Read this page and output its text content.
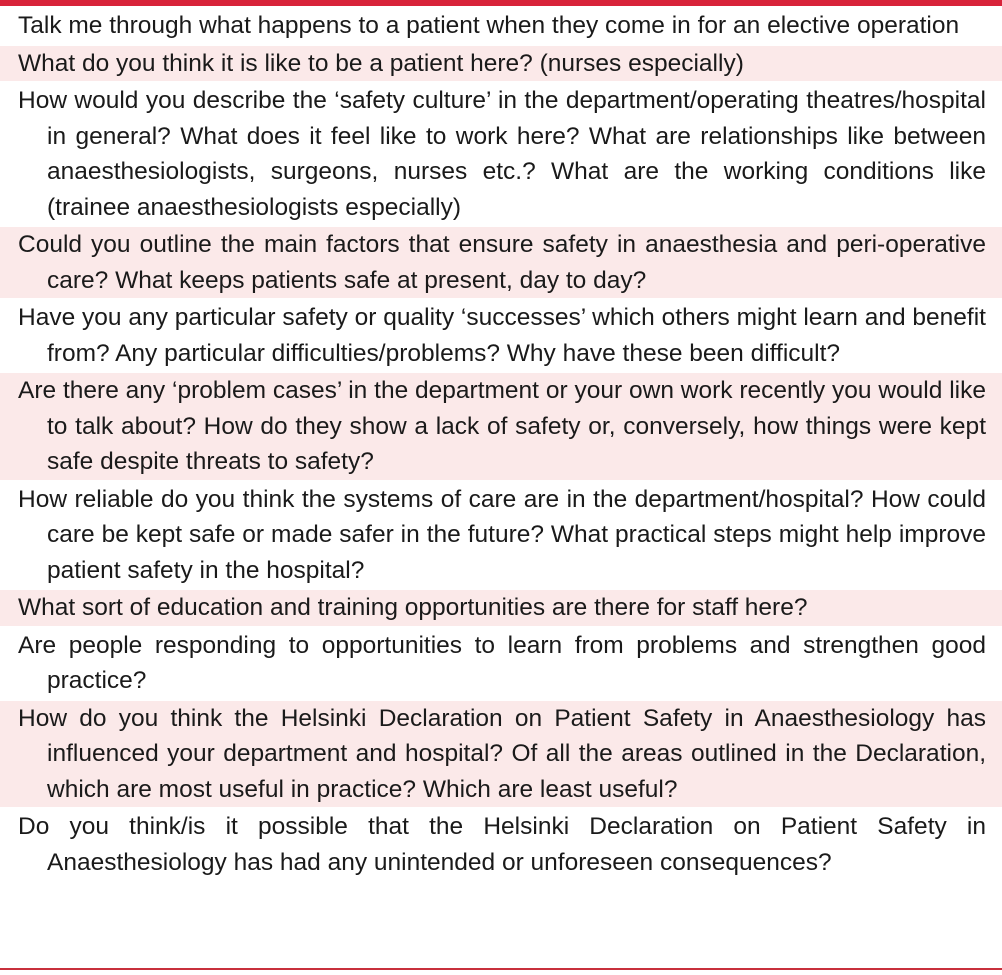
Talk me through what happens to a patient when they come in for an elective operation
What do you think it is like to be a patient here? (nurses especially)
How would you describe the ‘safety culture’ in the department/operating theatres/hospital in general? What does it feel like to work here? What are relationships like between anaesthesiologists, surgeons, nurses etc.? What are the working conditions like (trainee anaesthesiologists especially)
Could you outline the main factors that ensure safety in anaesthesia and peri-operative care? What keeps patients safe at present, day to day?
Have you any particular safety or quality ‘successes’ which others might learn and benefit from? Any particular difficulties/problems? Why have these been difficult?
Are there any ‘problem cases’ in the department or your own work recently you would like to talk about? How do they show a lack of safety or, conversely, how things were kept safe despite threats to safety?
How reliable do you think the systems of care are in the department/hospital? How could care be kept safe or made safer in the future? What practical steps might help improve patient safety in the hospital?
What sort of education and training opportunities are there for staff here?
Are people responding to opportunities to learn from problems and strengthen good practice?
How do you think the Helsinki Declaration on Patient Safety in Anaesthesiology has influenced your department and hospital? Of all the areas outlined in the Declaration, which are most useful in practice? Which are least useful?
Do you think/is it possible that the Helsinki Declaration on Patient Safety in Anaesthesiology has had any unintended or unforeseen consequences?
